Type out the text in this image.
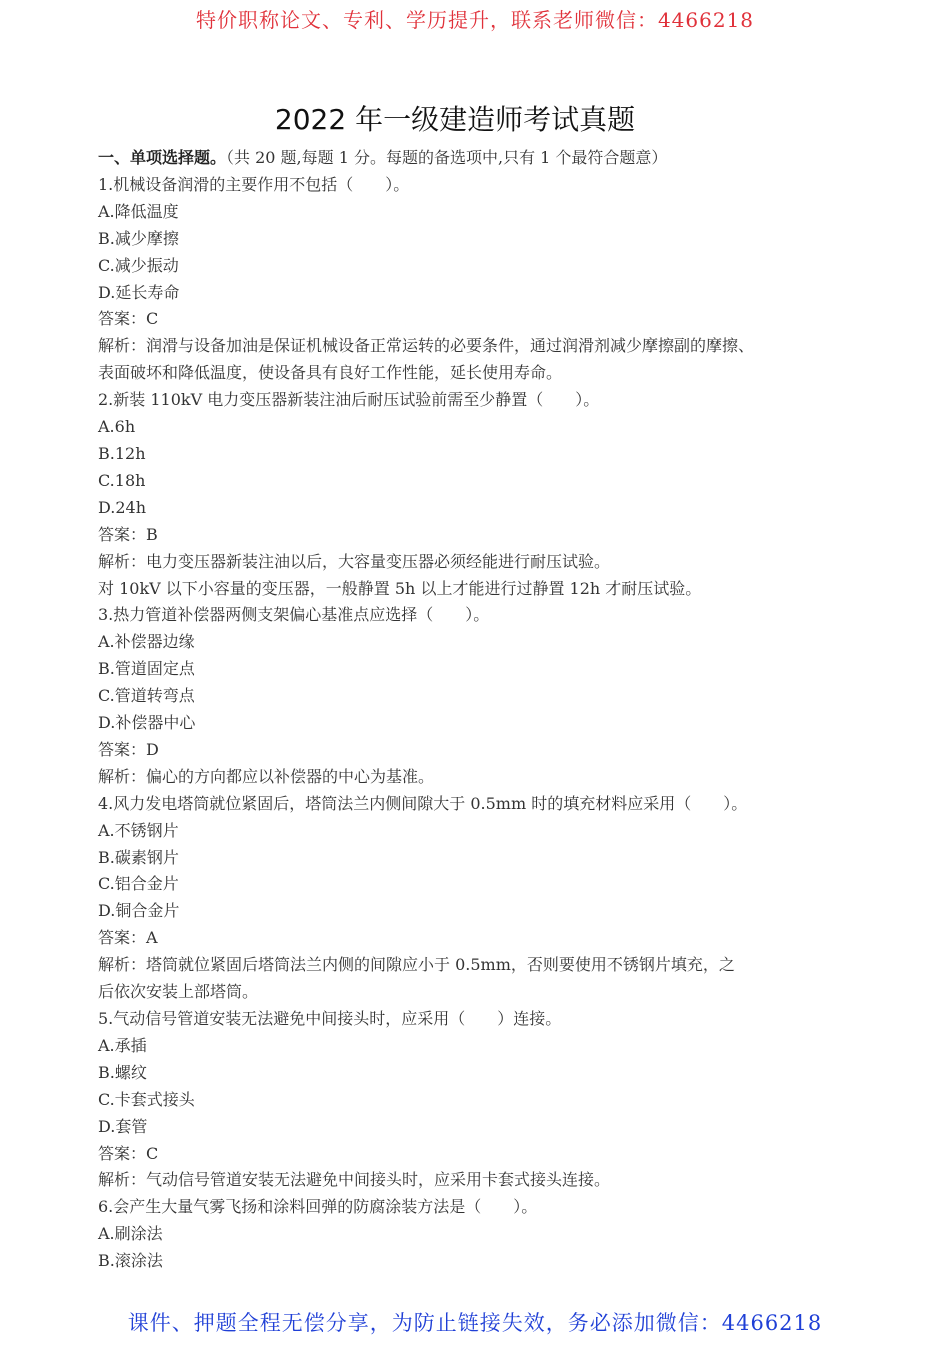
特价职称论文、专利、学历提升，联系老师微信：4466218
2022 年一级建造师考试真题
一、单项选择题。（共 20 题,每题 1 分。每题的备选项中,只有 1 个最符合题意）
1.机械设备润滑的主要作用不包括（　　）。
A.降低温度
B.减少摩擦
C.减少振动
D.延长寿命
答案：C
解析：润滑与设备加油是保证机械设备正常运转的必要条件，通过润滑剂减少摩擦副的摩擦、
表面破坏和降低温度，使设备具有良好工作性能，延长使用寿命。
2.新装 110kV 电力变压器新装注油后耐压试验前需至少静置（　　）。
A.6h
B.12h
C.18h
D.24h
答案：B
解析：电力变压器新装注油以后，大容量变压器必须经能进行耐压试验。
对 10kV 以下小容量的变压器，一般静置 5h 以上才能进行过静置 12h 才耐压试验。
3.热力管道补偿器两侧支架偏心基准点应选择（　　）。
A.补偿器边缘
B.管道固定点
C.管道转弯点
D.补偿器中心
答案：D
解析：偏心的方向都应以补偿器的中心为基准。
4.风力发电塔筒就位紧固后，塔筒法兰内侧间隙大于 0.5mm 时的填充材料应采用（　　）。
A.不锈钢片
B.碳素钢片
C.铝合金片
D.铜合金片
答案：A
解析：塔筒就位紧固后塔筒法兰内侧的间隙应小于 0.5mm，否则要使用不锈钢片填充，之
后依次安装上部塔筒。
5.气动信号管道安装无法避免中间接头时，应采用（　　）连接。
A.承插
B.螺纹
C.卡套式接头
D.套管
答案：C
解析：气动信号管道安装无法避免中间接头时，应采用卡套式接头连接。
6.会产生大量气雾飞扬和涂料回弹的防腐涂装方法是（　　）。
A.刷涂法
B.滚涂法
课件、押题全程无偿分享，为防止链接失效，务必添加微信：4466218
